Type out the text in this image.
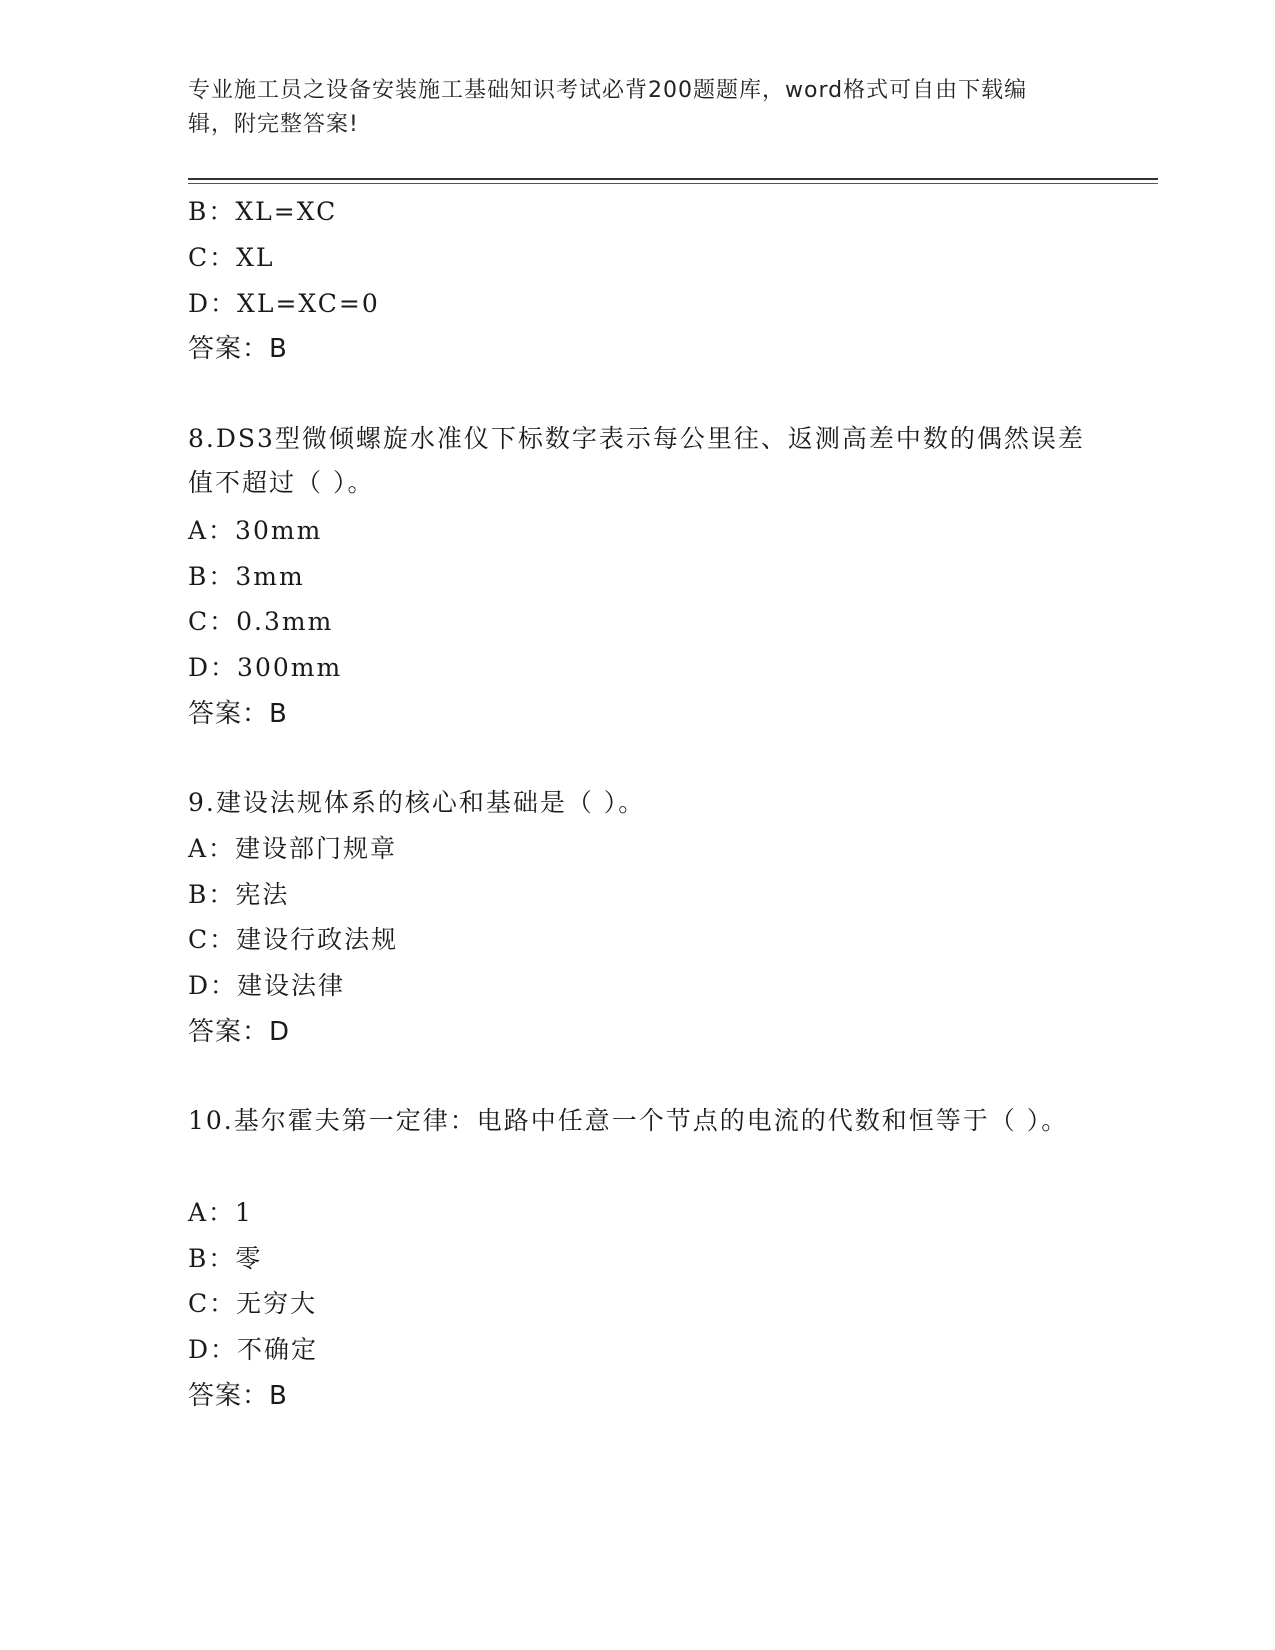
专业施工员之设备安装施工基础知识考试必背200题题库，word格式可自由下载编辑，附完整答案!
B：XL=XC
C：XL
D：XL=XC=0
答案：B
8.DS3型微倾螺旋水准仪下标数字表示每公里往、返测高差中数的偶然误差值不超过（ ）。
A：30mm
B：3mm
C：0.3mm
D：300mm
答案：B
9.建设法规体系的核心和基础是（ ）。
A：建设部门规章
B：宪法
C：建设行政法规
D：建设法律
答案：D
10.基尔霍夫第一定律：电路中任意一个节点的电流的代数和恒等于（ ）。
A：1
B：零
C：无穷大
D：不确定
答案：B
